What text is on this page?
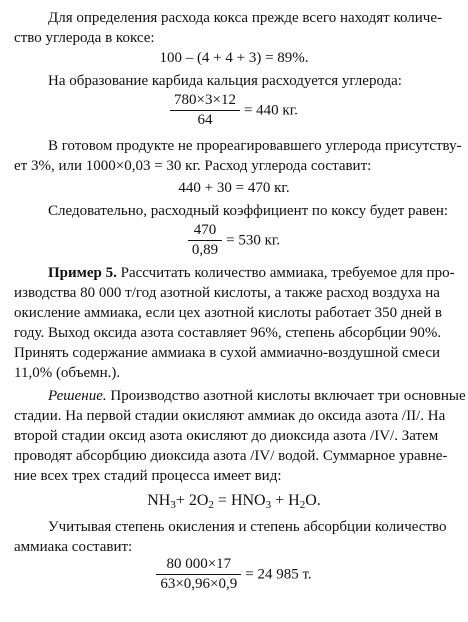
Для определения расхода кокса прежде всего находят количе-
ство углерода в коксе:
100 – (4 + 4 + 3) = 89%.
На образование карбида кальция расходуется углерода:
$\frac{780\times 3\times 12}{64} = 440$ кг.
В готовом продукте не прореагировавшего углерода присутству-
ет 3%, или 1000×0,03 = 30 кг. Расход углерода составит:
440 + 30 = 470 кг.
Следовательно, расходный коэффициент по коксу будет равен:
$\frac{470}{0,89} = 530$ кг.
Пример 5. Рассчитать количество аммиака, требуемое для про-
изводства 80 000 т/год азотной кислоты, а также расход воздуха на
окисление аммиака, если цех азотной кислоты работает 350 дней в
году. Выход оксида азота составляет 96%, степень абсорбции 90%.
Принять содержание аммиака в сухой аммиачно-воздушной смеси
11,0% (объемн.).
Решение. Производство азотной кислоты включает три основные
стадии. На первой стадии окисляют аммиак до оксида азота /II/. На
второй стадии оксид азота окисляют до диоксида азота /IV/. Затем
проводят абсорбцию диоксида азота /IV/ водой. Суммарное уравне-
ние всех трех стадий процесса имеет вид:
$NH_3+ 2O_2 = HNO_3 + H_2O$.
Учитывая степень окисления и степень абсорбции количество
аммиака составит:
$\frac{80 000\times 17}{63\times 0,96\times 0,9} = 24$ 985 т.
